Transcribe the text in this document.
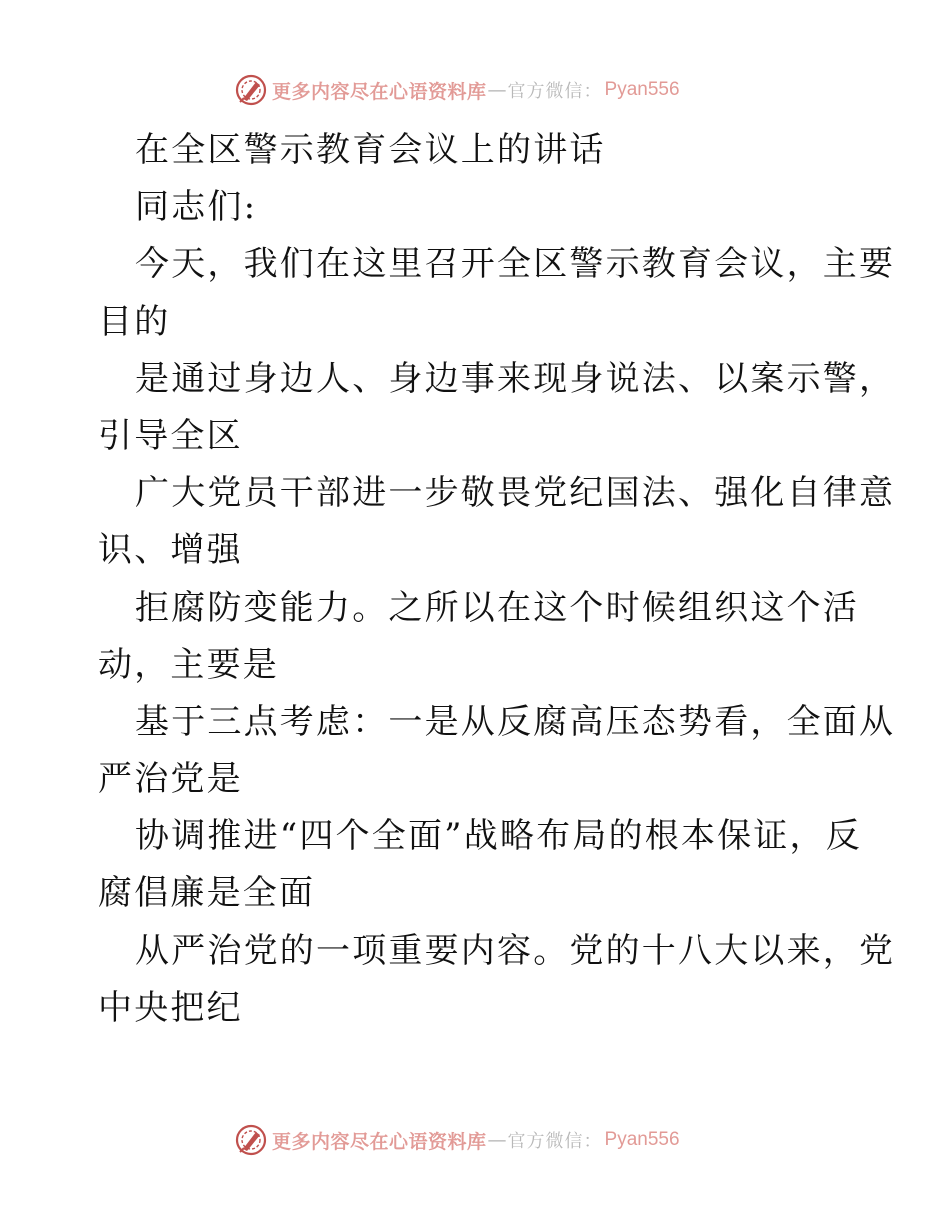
更多内容尽在心语资料库 — 官方微信： Pyan556
在全区警示教育会议上的讲话
同志们:
今天，我们在这里召开全区警示教育会议，主要
目的
是通过身边人、身边事来现身说法、以案示警，
引导全区
广大党员干部进一步敬畏党纪国法、强化自律意
识、增强
拒腐防变能力。之所以在这个时候组织这个活
动，主要是
基于三点考虑：一是从反腐高压态势看，全面从
严治党是
协调推进“四个全面”战略布局的根本保证，反
腐倡廉是全面
从严治党的一项重要内容。党的十八大以来，党
中央把纪
更多内容尽在心语资料库 — 官方微信： Pyan556
